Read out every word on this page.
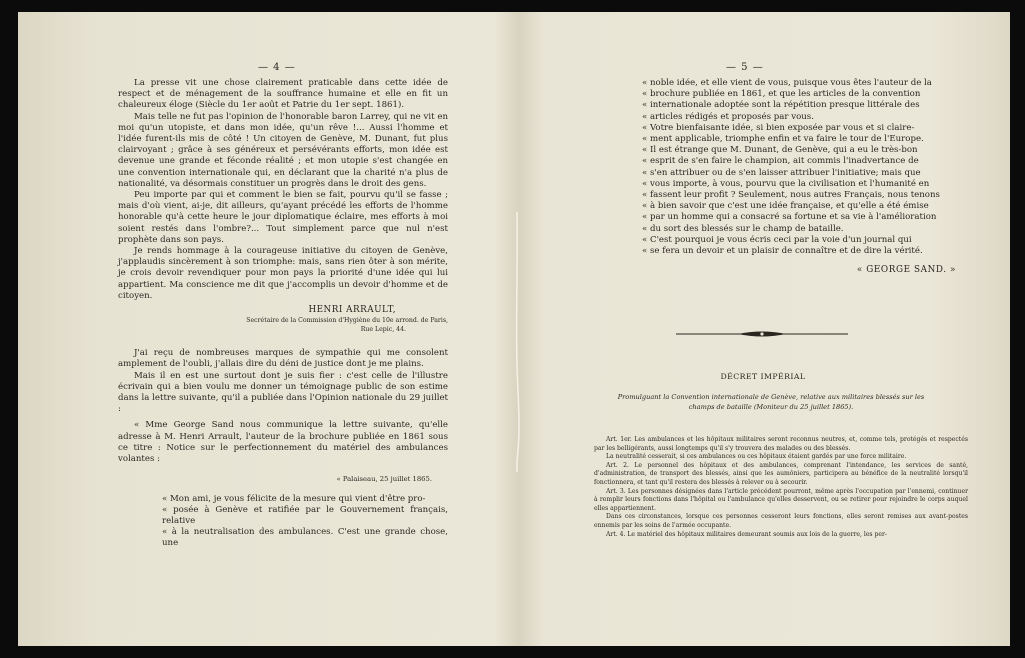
— 4 —

La presse vit une chose clairement praticable dans cette idée de respect et de ménagement de la souffrance humaine et elle en fit un chaleureux éloge (Siècle du 1er août et Patrie du 1er sept. 1861).

Mais telle ne fut pas l'opinion de l'honorable baron Larrey, qui ne vit en moi qu'un utopiste, et dans mon idée, qu'un rêve !... Aussi l'homme et l'idée furent-ils mis de côté ! Un citoyen de Genève, M. Dunant, fut plus clairvoyant ; grâce à ses généreux et persévérants efforts, mon idée est devenue une grande et féconde réalité ; et mon utopie s'est changée en une convention internationale qui, en déclarant que la charité n'a plus de nationalité, va désormais constituer un progrès dans le droit des gens.

Peu importe par qui et comment le bien se fait, pourvu qu'il se fasse ; mais d'où vient, ai-je, dit ailleurs, qu'ayant précédé les efforts de l'homme honorable qu'à cette heure le jour diplomatique éclaire, mes efforts à moi soient restés dans l'ombre?... Tout simplement parce que nul n'est prophète dans son pays.

Je rends hommage à la courageuse initiative du citoyen de Genève, j'applaudis sincèrement à son triomphe: mais, sans rien ôter à son mérite, je crois devoir revendiquer pour mon pays la priorité d'une idée qui lui appartient. Ma conscience me dit que j'accomplis un devoir d'homme et de citoyen.

HENRI ARRAULT,
Secrétaire de la Commission d'Hygiène du 10e arrond. de Paris,
Rue Lepic, 44.

J'ai reçu de nombreuses marques de sympathie qui me consolent amplement de l'oubli, j'allais dire du déni de justice dont je me plains.

Mais il en est une surtout dont je suis fier : c'est celle de l'illustre écrivain qui a bien voulu me donner un témoignage public de son estime dans la lettre suivante, qu'il a publiée dans l'Opinion nationale du 29 juillet :

« Mme George Sand nous communique la lettre suivante, qu'elle adresse à M. Henri Arrault, l'auteur de la brochure publiée en 1861 sous ce titre : Notice sur le perfectionnement du matériel des ambulances volantes :

« Palaiseau, 25 juillet 1865.
« Mon ami, je vous félicite de la mesure qui vient d'être pro-
« posée à Genève et ratifiée par le Gouvernement français, relative
« à la neutralisation des ambulances. C'est une grande chose, une
— 5 —
« noble idée, et elle vient de vous, puisque vous êtes l'auteur de la
« brochure publiée en 1861, et que les articles de la convention
« internationale adoptée sont la répétition presque littérale des
« articles rédigés et proposés par vous.
« Votre bienfaisante idée, si bien exposée par vous et si claire-
« ment applicable, triomphe enfin et va faire le tour de l'Europe.
« Il est étrange que M. Dunant, de Genève, qui a eu le très-bon
« esprit de s'en faire le champion, ait commis l'inadvertance de
« s'en attribuer ou de s'en laisser attribuer l'initiative; mais que
« vous importe, à vous, pourvu que la civilisation et l'humanité en
« fassent leur profit ? Seulement, nous autres Français, nous tenons
« à bien savoir que c'est une idée française, et qu'elle a été émise
« par un homme qui a consacré sa fortune et sa vie à l'amélioration
« du sort des blessés sur le champ de bataille.
« C'est pourquoi je vous écris ceci par la voie d'un journal qui
« se fera un devoir et un plaisir de connaître et de dire la vérité.
« GEORGE SAND. »
DÉCRET IMPÉRIAL
Promulguant la Convention internationale de Genève, relative aux militaires blessés sur les champs de bataille (Moniteur du 25 juillet 1865).

Art. 1er. Les ambulances et les hôpitaux militaires seront reconnus neutres, et, comme tels, protégés et respectés par les belligérants, aussi longtemps qu'il s'y trouvera des malades ou des blessés.

La neutralité cesserait, si ces ambulances ou ces hôpitaux étaient gardés par une force militaire.

Art. 2. Le personnel des hôpitaux et des ambulances, comprenant l'intendance, les services de santé, d'administration, de transport des blessés, ainsi que les aumôniers, participera au bénéfice de la neutralité lorsqu'il fonctionnera, et tant qu'il restera des blessés à relever ou à secourir.

Art. 3. Les personnes désignées dans l'article précédent pourront, même après l'occupation par l'ennemi, continuer à remplir leurs fonctions dans l'hôpital ou l'ambulance qu'elles desservent, ou se retirer pour rejoindre le corps auquel elles appartiennent.

Dans ces circonstances, lorsque ces personnes cesseront leurs fonctions, elles seront remises aux avant-postes ennemis par les soins de l'armée occupante.

Art. 4. Le matériel des hôpitaux militaires demeurant soumis aux lois de la guerre, les per-
